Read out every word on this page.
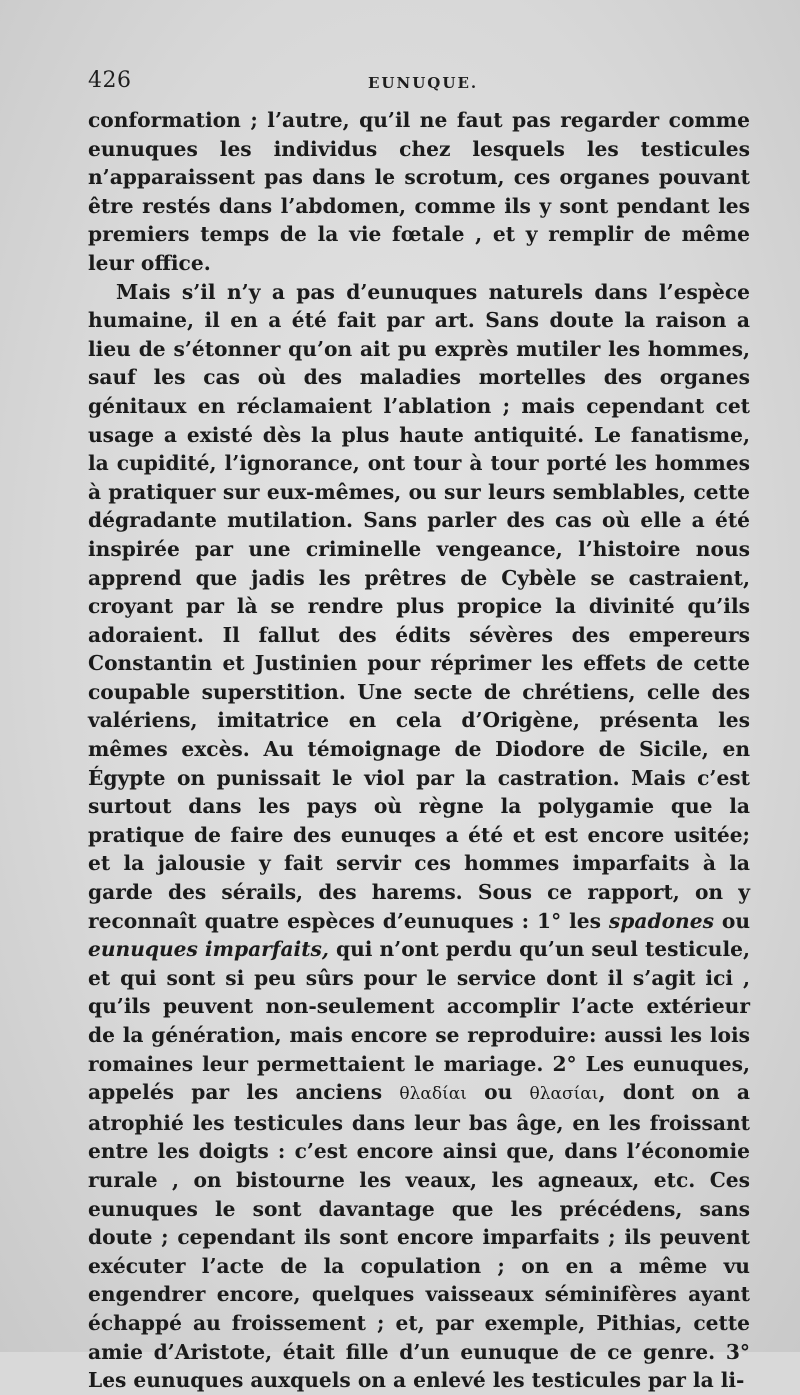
426	EUNUQUE.

conformation ; l’autre, qu’il ne faut pas regarder comme eunuques les individus chez lesquels les testicules n’apparaissent pas dans le scrotum, ces organes pouvant être restés dans l’abdomen, comme ils y sont pendant les premiers temps de la vie fœtale , et y remplir de même leur office.

Mais s’il n’y a pas d’eunuques naturels dans l’espèce humaine, il en a été fait par art. Sans doute la raison a lieu de s’étonner qu’on ait pu exprès mutiler les hommes, sauf les cas où des maladies mortelles des organes génitaux en réclamaient l’ablation ; mais cependant cet usage a existé dès la plus haute antiquité. Le fanatisme, la cupidité, l’ignorance, ont tour à tour porté les hommes à pratiquer sur eux-mêmes, ou sur leurs semblables, cette dégradante mutilation. Sans parler des cas où elle a été inspirée par une criminelle vengeance, l’histoire nous apprend que jadis les prêtres de Cybèle se castraient, croyant par là se rendre plus propice la divinité qu’ils adoraient. Il fallut des édits sévères des empereurs Constantin et Justinien pour réprimer les effets de cette coupable superstition. Une secte de chrétiens, celle des valériens, imitatrice en cela d’Origène, présenta les mêmes excès. Au témoignage de Diodore de Sicile, en Égypte on punissait le viol par la castration. Mais c’est surtout dans les pays où règne la polygamie que la pratique de faire des eunuqes a été et est encore usitée; et la jalousie y fait servir ces hommes imparfaits à la garde des sérails, des harems. Sous ce rapport, on y reconnaît quatre espèces d’eunuques : 1° les spadones ou eunuques imparfaits, qui n’ont perdu qu’un seul testicule, et qui sont si peu sûrs pour le service dont il s’agit ici , qu’ils peuvent non-seulement accomplir l’acte extérieur de la génération, mais encore se reproduire: aussi les lois romaines leur permettaient le mariage. 2° Les eunuques, appelés par les anciens θλαδίαι ou θλασίαι, dont on a atrophié les testicules dans leur bas âge, en les froissant entre les doigts : c’est encore ainsi que, dans l’économie rurale , on bistourne les veaux, les agneaux, etc. Ces eunuques le sont davantage que les précédens, sans doute ; cependant ils sont encore imparfaits ; ils peuvent exécuter l’acte de la copulation ; on en a même vu engendrer encore, quelques vaisseaux séminifères ayant échappé au froissement ; et, par exemple, Pithias, cette amie d’Aristote, était fille d’un eunuque de ce genre. 3° Les eunuques auxquels on a enlevé les testicules par la li-
